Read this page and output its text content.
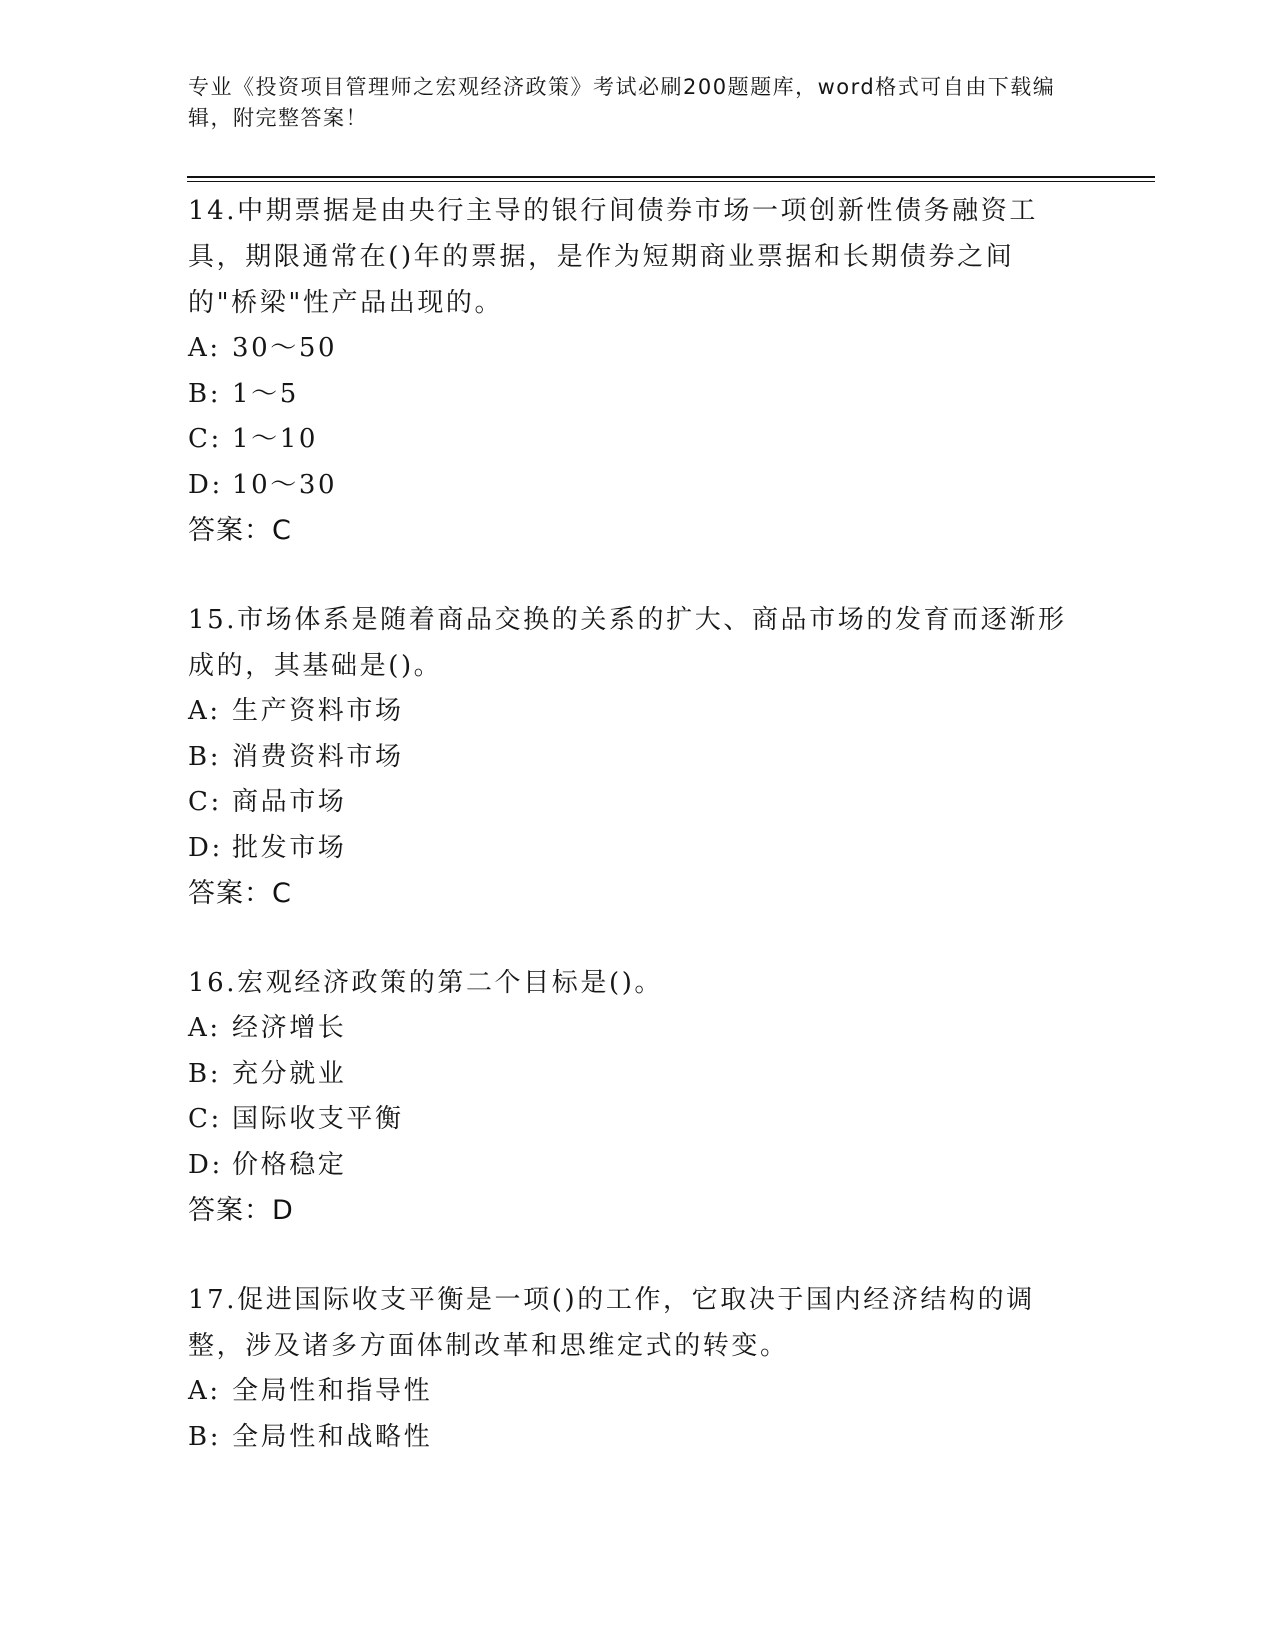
专业《投资项目管理师之宏观经济政策》考试必刷200题题库，word格式可自由下载编辑，附完整答案！
14.中期票据是由央行主导的银行间债券市场一项创新性债务融资工具，期限通常在()年的票据，是作为短期商业票据和长期债券之间的"桥梁"性产品出现的。
A: 30～50
B: 1～5
C: 1～10
D: 10～30
答案：C
15.市场体系是随着商品交换的关系的扩大、商品市场的发育而逐渐形成的，其基础是()。
A: 生产资料市场
B: 消费资料市场
C: 商品市场
D: 批发市场
答案：C
16.宏观经济政策的第二个目标是()。
A: 经济增长
B: 充分就业
C: 国际收支平衡
D: 价格稳定
答案：D
17.促进国际收支平衡是一项()的工作，它取决于国内经济结构的调整，涉及诸多方面体制改革和思维定式的转变。
A: 全局性和指导性
B: 全局性和战略性
